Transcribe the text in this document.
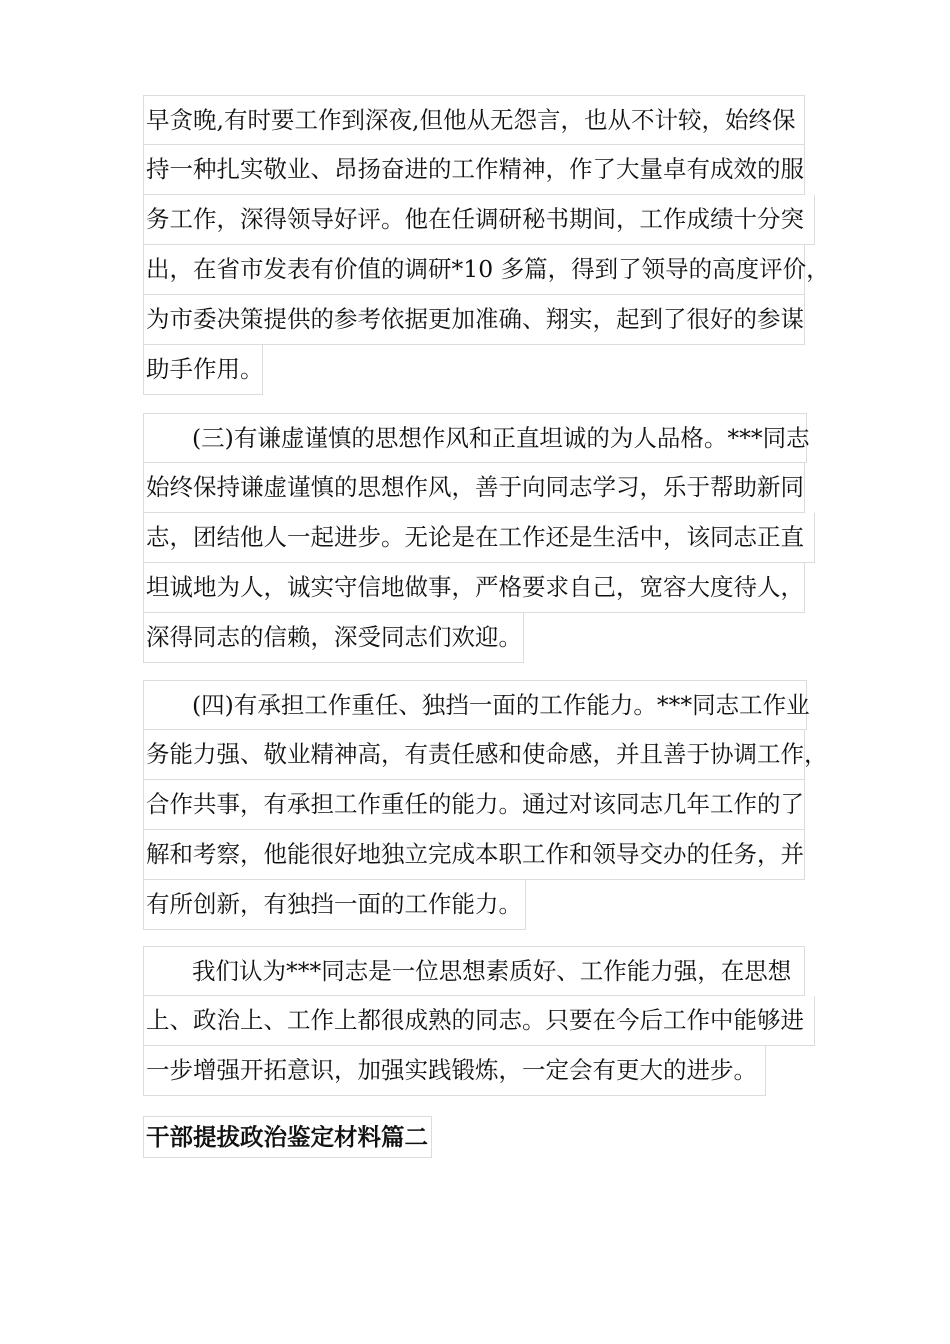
早贪晚,有时要工作到深夜,但他从无怨言，也从不计较，始终保
持一种扎实敬业、昂扬奋进的工作精神，作了大量卓有成效的服
务工作，深得领导好评。他在任调研秘书期间，工作成绩十分突
出，在省市发表有价值的调研*10 多篇，得到了领导的高度评价，
为市委决策提供的参考依据更加准确、翔实，起到了很好的参谋
助手作用。
(三)有谦虚谨慎的思想作风和正直坦诚的为人品格。***同志
始终保持谦虚谨慎的思想作风，善于向同志学习，乐于帮助新同
志，团结他人一起进步。无论是在工作还是生活中，该同志正直
坦诚地为人，诚实守信地做事，严格要求自己，宽容大度待人，
深得同志的信赖，深受同志们欢迎。
(四)有承担工作重任、独挡一面的工作能力。***同志工作业
务能力强、敬业精神高，有责任感和使命感，并且善于协调工作，
合作共事，有承担工作重任的能力。通过对该同志几年工作的了
解和考察，他能很好地独立完成本职工作和领导交办的任务，并
有所创新，有独挡一面的工作能力。
我们认为***同志是一位思想素质好、工作能力强，在思想
上、政治上、工作上都很成熟的同志。只要在今后工作中能够进
一步增强开拓意识，加强实践锻炼，一定会有更大的进步。
干部提拔政治鉴定材料篇二
